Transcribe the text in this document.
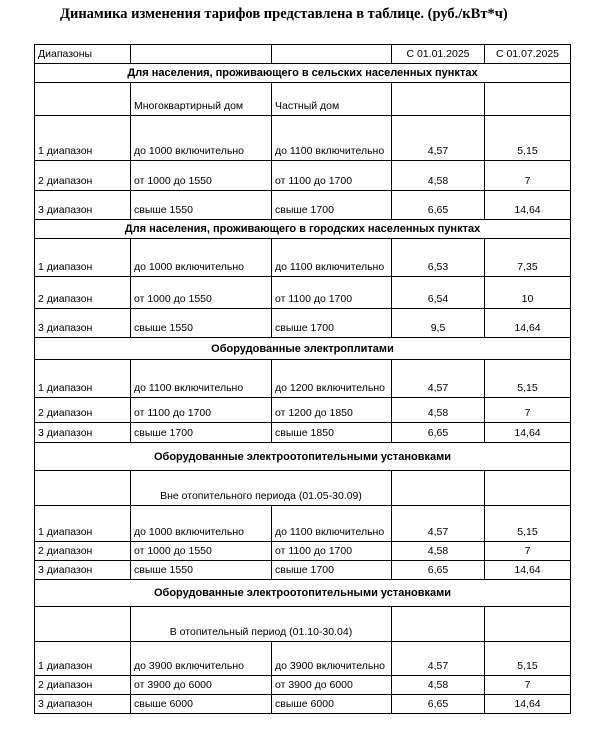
Динамика изменения тарифов представлена в таблице. (руб./кВт*ч)
Диапазоны			С 01.01.2025	С 01.07.2025
Для населения, проживающего в сельских населенных пунктах				
	Многоквартирный дом	Частный дом		
1 диапазон	до 1000 включительно	до 1100 включительно	4,57	5,15
2 диапазон	от 1000 до 1550	от 1100 до 1700	4,58	7
3 диапазон	свыше 1550	свыше 1700	6,65	14,64
Для населения, проживающего в городских населенных пунктах				
1 диапазон	до 1000 включительно	до 1100 включительно	6,53	7,35
2 диапазон	от 1000 до 1550	от 1100 до 1700	6,54	10
3 диапазон	свыше 1550	свыше 1700	9,5	14,64
Оборудованные электроплитами				
1 диапазон	до 1100 включительно	до 1200 включительно	4,57	5,15
2 диапазон	от 1100 до 1700	от 1200 до 1850	4,58	7
3 диапазон	свыше 1700	свыше 1850	6,65	14,64
Оборудованные электроотопительными установками				
	Вне отопительного периода (01.05-30.09)			
1 диапазон	до 1000 включительно	до 1100 включительно	4,57	5,15
2 диапазон	от 1000 до 1550	от 1100 до 1700	4,58	7
3 диапазон	свыше 1550	свыше 1700	6,65	14,64
Оборудованные электроотопительными установками				
	В отопительный период (01.10-30.04)			
1 диапазон	до 3900 включительно	до 3900 включительно	4,57	5,15
2 диапазон	от 3900 до 6000	от 3900 до 6000	4,58	7
3 диапазон	свыше 6000	свыше 6000	6,65	14,64
